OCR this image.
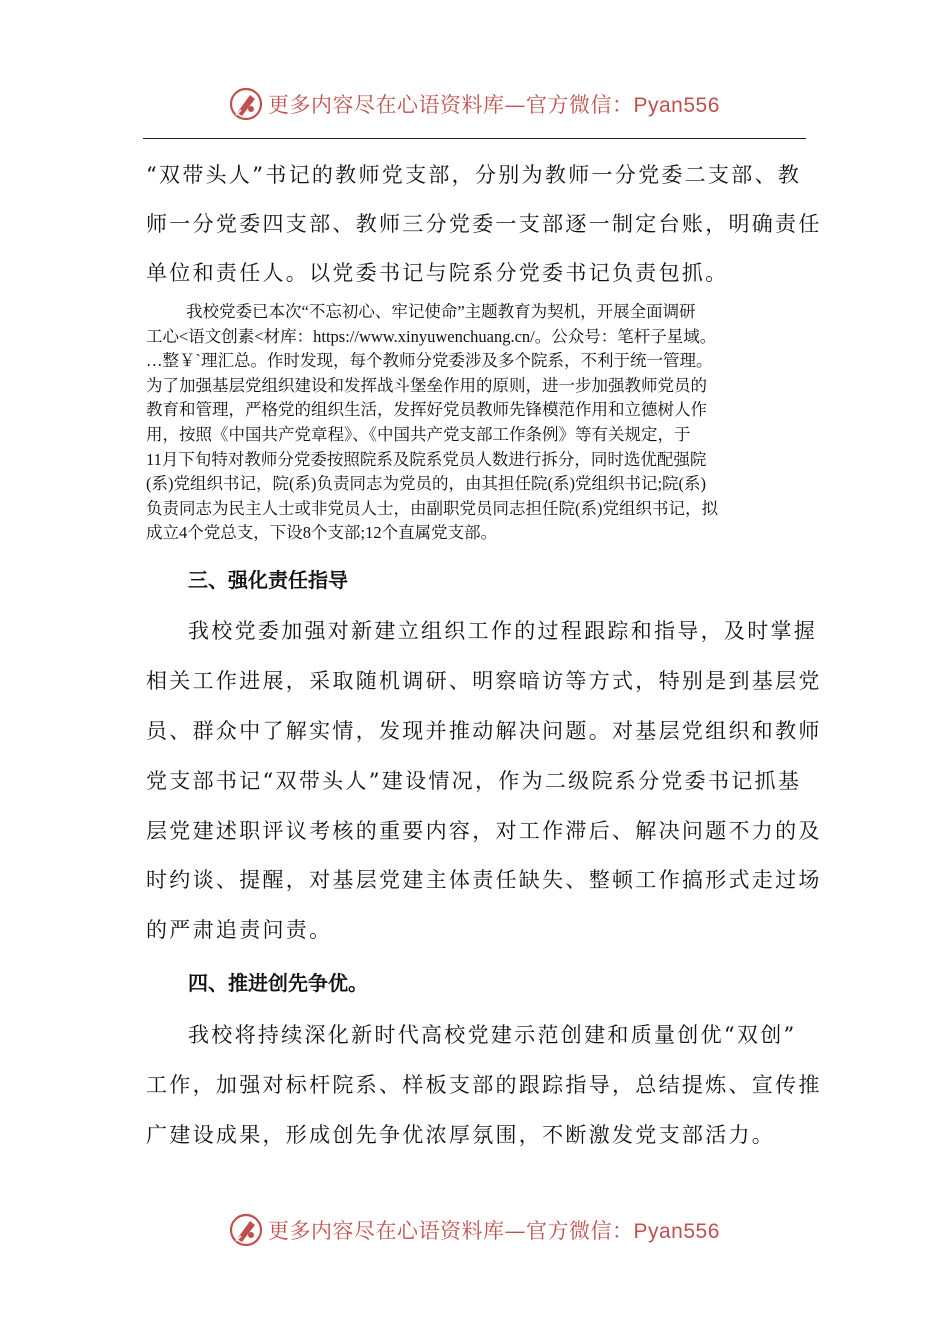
更多内容尽在心语资料库—官方微信：Pyan556
“双带头人”书记的教师党支部，分别为教师一分党委二支部、教
师一分党委四支部、教师三分党委一支部逐一制定台账，明确责任
单位和责任人。以党委书记与院系分党委书记负责包抓。
我校党委已本次“不忘初心、牢记使命”主题教育为契机，开展全面调研
工心<语文创素<材库：https://www.xinyuwenchuang.cn/。公众号：笔杆子星域。
…整￥`理汇总。作时发现，每个教师分党委涉及多个院系，不利于统一管理。
为了加强基层党组织建设和发挥战斗堡垒作用的原则，进一步加强教师党员的
教育和管理，严格党的组织生活，发挥好党员教师先锋模范作用和立德树人作
用，按照《中国共产党章程》、《中国共产党支部工作条例》等有关规定，于
11月下旬特对教师分党委按照院系及院系党员人数进行拆分，同时选优配强院
(系)党组织书记，院(系)负责同志为党员的，由其担任院(系)党组织书记;院(系)
负责同志为民主人士或非党员人士，由副职党员同志担任院(系)党组织书记，拟
成立4个党总支，下设8个支部;12个直属党支部。
三、强化责任指导
我校党委加强对新建立组织工作的过程跟踪和指导，及时掌握
相关工作进展，采取随机调研、明察暗访等方式，特别是到基层党
员、群众中了解实情，发现并推动解决问题。对基层党组织和教师
党支部书记“双带头人”建设情况，作为二级院系分党委书记抓基
层党建述职评议考核的重要内容，对工作滞后、解决问题不力的及
时约谈、提醒，对基层党建主体责任缺失、整顿工作搞形式走过场
的严肃追责问责。
四、推进创先争优。
我校将持续深化新时代高校党建示范创建和质量创优“双创”
工作，加强对标杆院系、样板支部的跟踪指导，总结提炼、宣传推
广建设成果，形成创先争优浓厚氛围，不断激发党支部活力。
更多内容尽在心语资料库—官方微信：Pyan556
